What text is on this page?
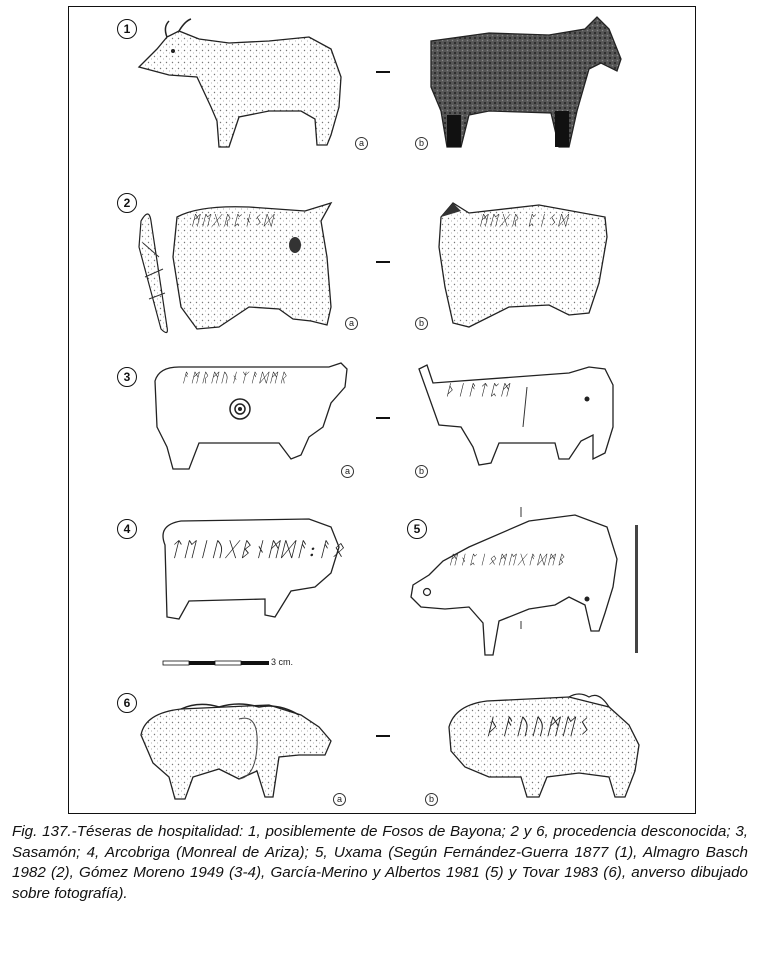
1
2
3
4	5
6
a	b
a	b
a	b
a	b
ᛗᛖᚷᚱᛈᚾᛊᛞ	ᛗᛖᚷᚱ ᛈᛁᛊᛞ
ᚨᛗᚱᛗᚢᚾᛉᚨᛞᛗᚱ
ᚦᛁᚨᛏᛈᛗ
ᛏᛖᛁᚢᚷᛒᚾᛗᛞᚨ:ᚨᛟ	ᛗᚾᛈᛁᛟᛗᛖᚷᚨᛞᛗᛒ
ᚦᚨᚢᚢᛗᛖᛊ
3 cm.

Fig. 137.-Téseras de hospitalidad: 1, posiblemente de Fosos de Bayona; 2 y 6, procedencia desconocida; 3, Sasamón; 4, Arcobriga (Monreal de Ariza); 5, Uxama (Según Fernández-Guerra 1877 (1), Almagro Basch 1982 (2), Gómez Moreno 1949 (3-4), García-Merino y Albertos 1981 (5) y Tovar 1983 (6), anverso dibujado sobre fotografía).
